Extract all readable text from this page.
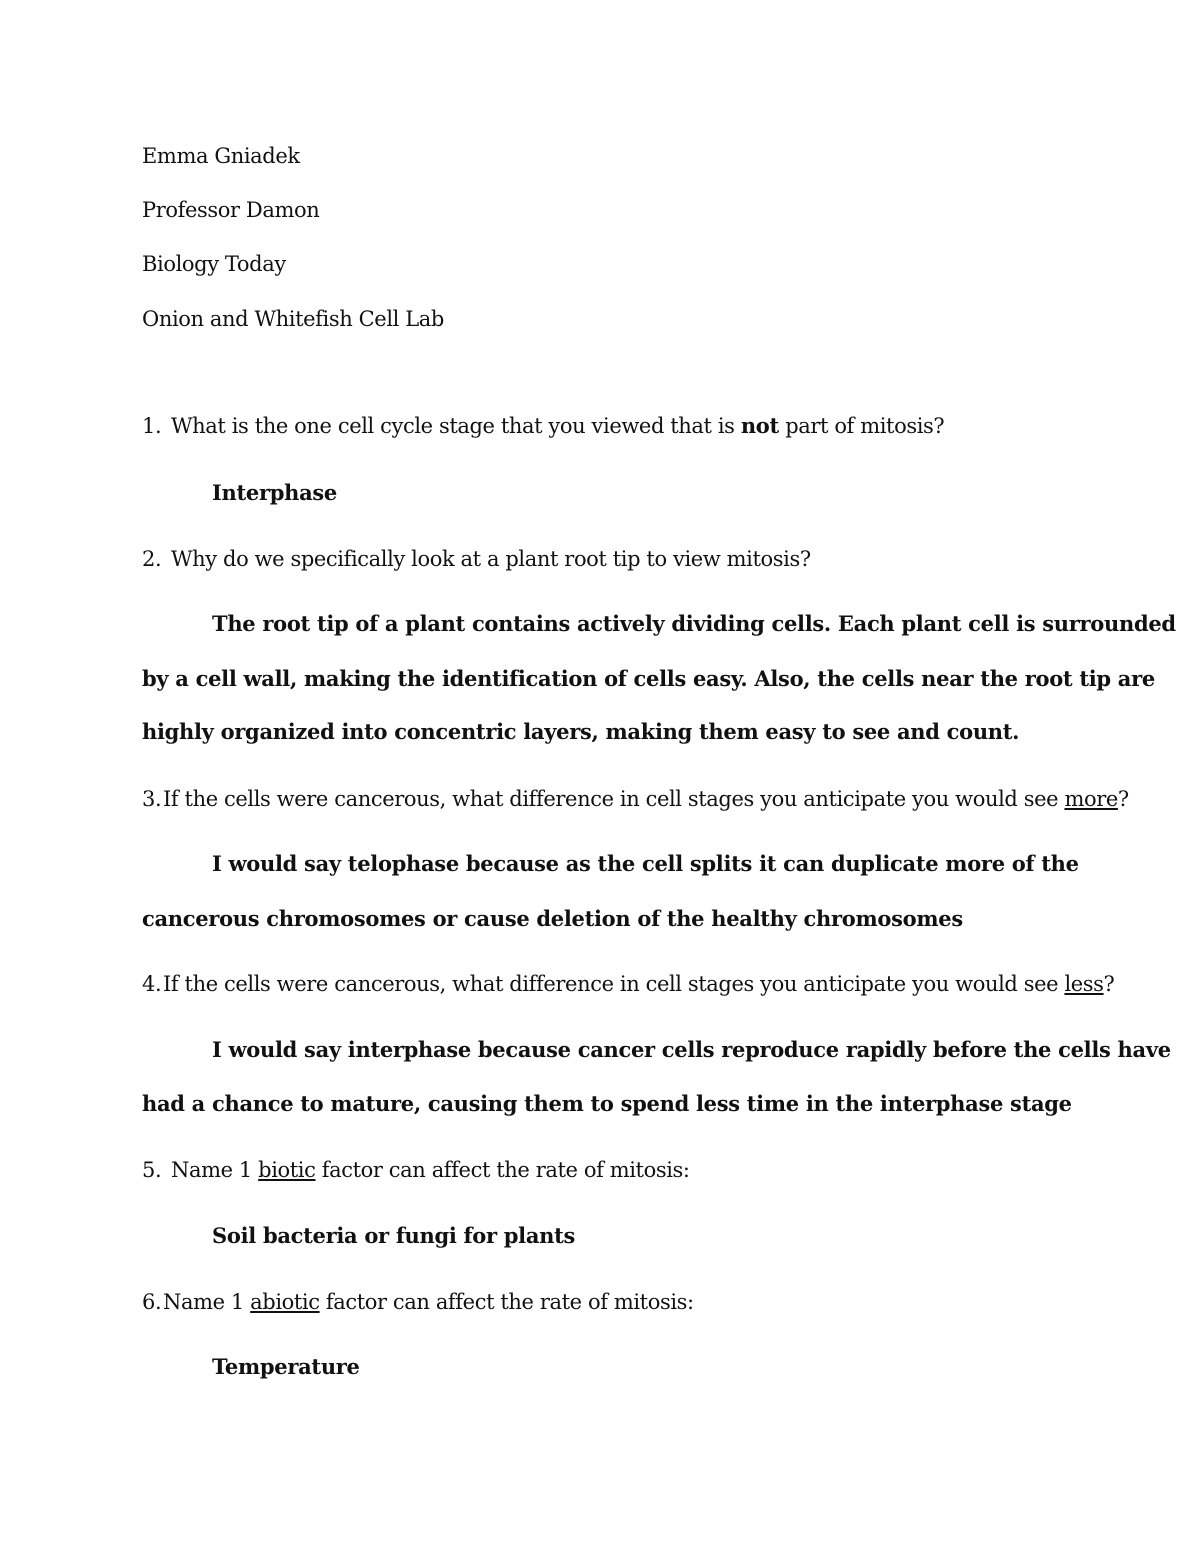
Emma Gniadek
Professor Damon
Biology Today
Onion and Whitefish Cell Lab
1. What is the one cell cycle stage that you viewed that is not part of mitosis?
Interphase
2. Why do we specifically look at a plant root tip to view mitosis?
The root tip of a plant contains actively dividing cells. Each plant cell is surrounded
by a cell wall, making the identification of cells easy. Also, the cells near the root tip are
highly organized into concentric layers, making them easy to see and count.
3.If the cells were cancerous, what difference in cell stages you anticipate you would see more?
I would say telophase because as the cell splits it can duplicate more of the
cancerous chromosomes or cause deletion of the healthy chromosomes
4.If the cells were cancerous, what difference in cell stages you anticipate you would see less?
I would say interphase because cancer cells reproduce rapidly before the cells have
had a chance to mature, causing them to spend less time in the interphase stage
5. Name 1 biotic factor can affect the rate of mitosis:
Soil bacteria or fungi for plants
6.Name 1 abiotic factor can affect the rate of mitosis:
Temperature
